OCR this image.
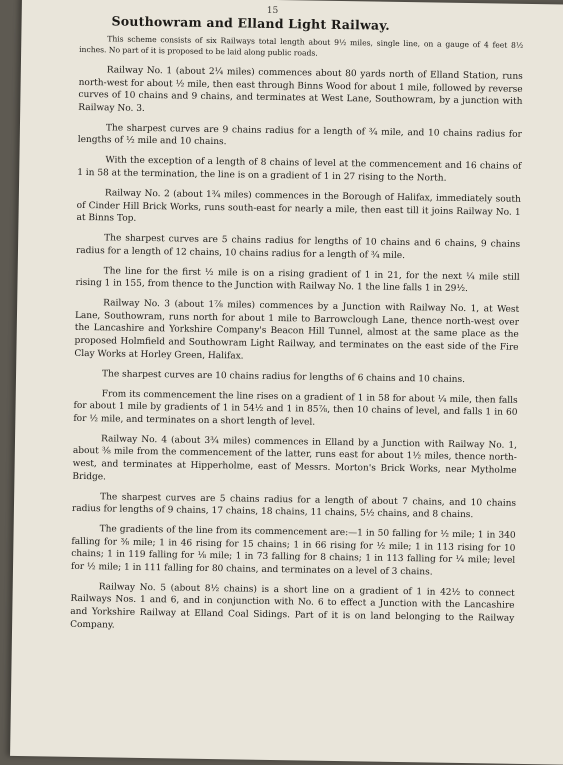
15
Southowram and Elland Light Railway.

This scheme consists of six Railways total length about 9½ miles, single line, on a gauge of 4 feet 8½ inches. No part of it is proposed to be laid along public roads.

Railway No. 1 (about 2¼ miles) commences about 80 yards north of Elland Station, runs north-west for about ½ mile, then east through Binns Wood for about 1 mile, followed by reverse curves of 10 chains and 9 chains, and terminates at West Lane, Southowram, by a junction with Railway No. 3.

The sharpest curves are 9 chains radius for a length of ¾ mile, and 10 chains radius for lengths of ½ mile and 10 chains.

With the exception of a length of 8 chains of level at the commencement and 16 chains of 1 in 58 at the termination, the line is on a gradient of 1 in 27 rising to the North.

Railway No. 2 (about 1¾ miles) commences in the Borough of Halifax, immediately south of Cinder Hill Brick Works, runs south-east for nearly a mile, then east till it joins Railway No. 1 at Binns Top.

The sharpest curves are 5 chains radius for lengths of 10 chains and 6 chains, 9 chains radius for a length of 12 chains, 10 chains radius for a length of ¾ mile.

The line for the first ½ mile is on a rising gradient of 1 in 21, for the next ¼ mile still rising 1 in 155, from thence to the Junction with Railway No. 1 the line falls 1 in 29½.

Railway No. 3 (about 1⅞ miles) commences by a Junction with Railway No. 1, at West Lane, Southowram, runs north for about 1 mile to Barrowclough Lane, thence north-west over the Lancashire and Yorkshire Company's Beacon Hill Tunnel, almost at the same place as the proposed Holmfield and Southowram Light Railway, and terminates on the east side of the Fire Clay Works at Horley Green, Halifax.

The sharpest curves are 10 chains radius for lengths of 6 chains and 10 chains.

From its commencement the line rises on a gradient of 1 in 58 for about ¼ mile, then falls for about 1 mile by gradients of 1 in 54½ and 1 in 85⅞, then 10 chains of level, and falls 1 in 60 for ½ mile, and terminates on a short length of level.

Railway No. 4 (about 3¾ miles) commences in Elland by a Junction with Railway No. 1, about ⅜ mile from the commencement of the latter, runs east for about 1½ miles, thence north-west, and terminates at Hipperholme, east of Messrs. Morton's Brick Works, near Mytholme Bridge.

The sharpest curves are 5 chains radius for a length of about 7 chains, and 10 chains radius for lengths of 9 chains, 17 chains, 18 chains, 11 chains, 5½ chains, and 8 chains.

The gradients of the line from its commencement are:—1 in 50 falling for ½ mile; 1 in 340 falling for ⅜ mile; 1 in 46 rising for 15 chains; 1 in 66 rising for ½ mile; 1 in 113 rising for 10 chains; 1 in 119 falling for ⅛ mile; 1 in 73 falling for 8 chains; 1 in 113 falling for ¼ mile; level for ½ mile; 1 in 111 falling for 80 chains, and terminates on a level of 3 chains.

Railway No. 5 (about 8½ chains) is a short line on a gradient of 1 in 42½ to connect Railways Nos. 1 and 6, and in conjunction with No. 6 to effect a Junction with the Lancashire and Yorkshire Railway at Elland Coal Sidings. Part of it is on land belonging to the Railway Company.
